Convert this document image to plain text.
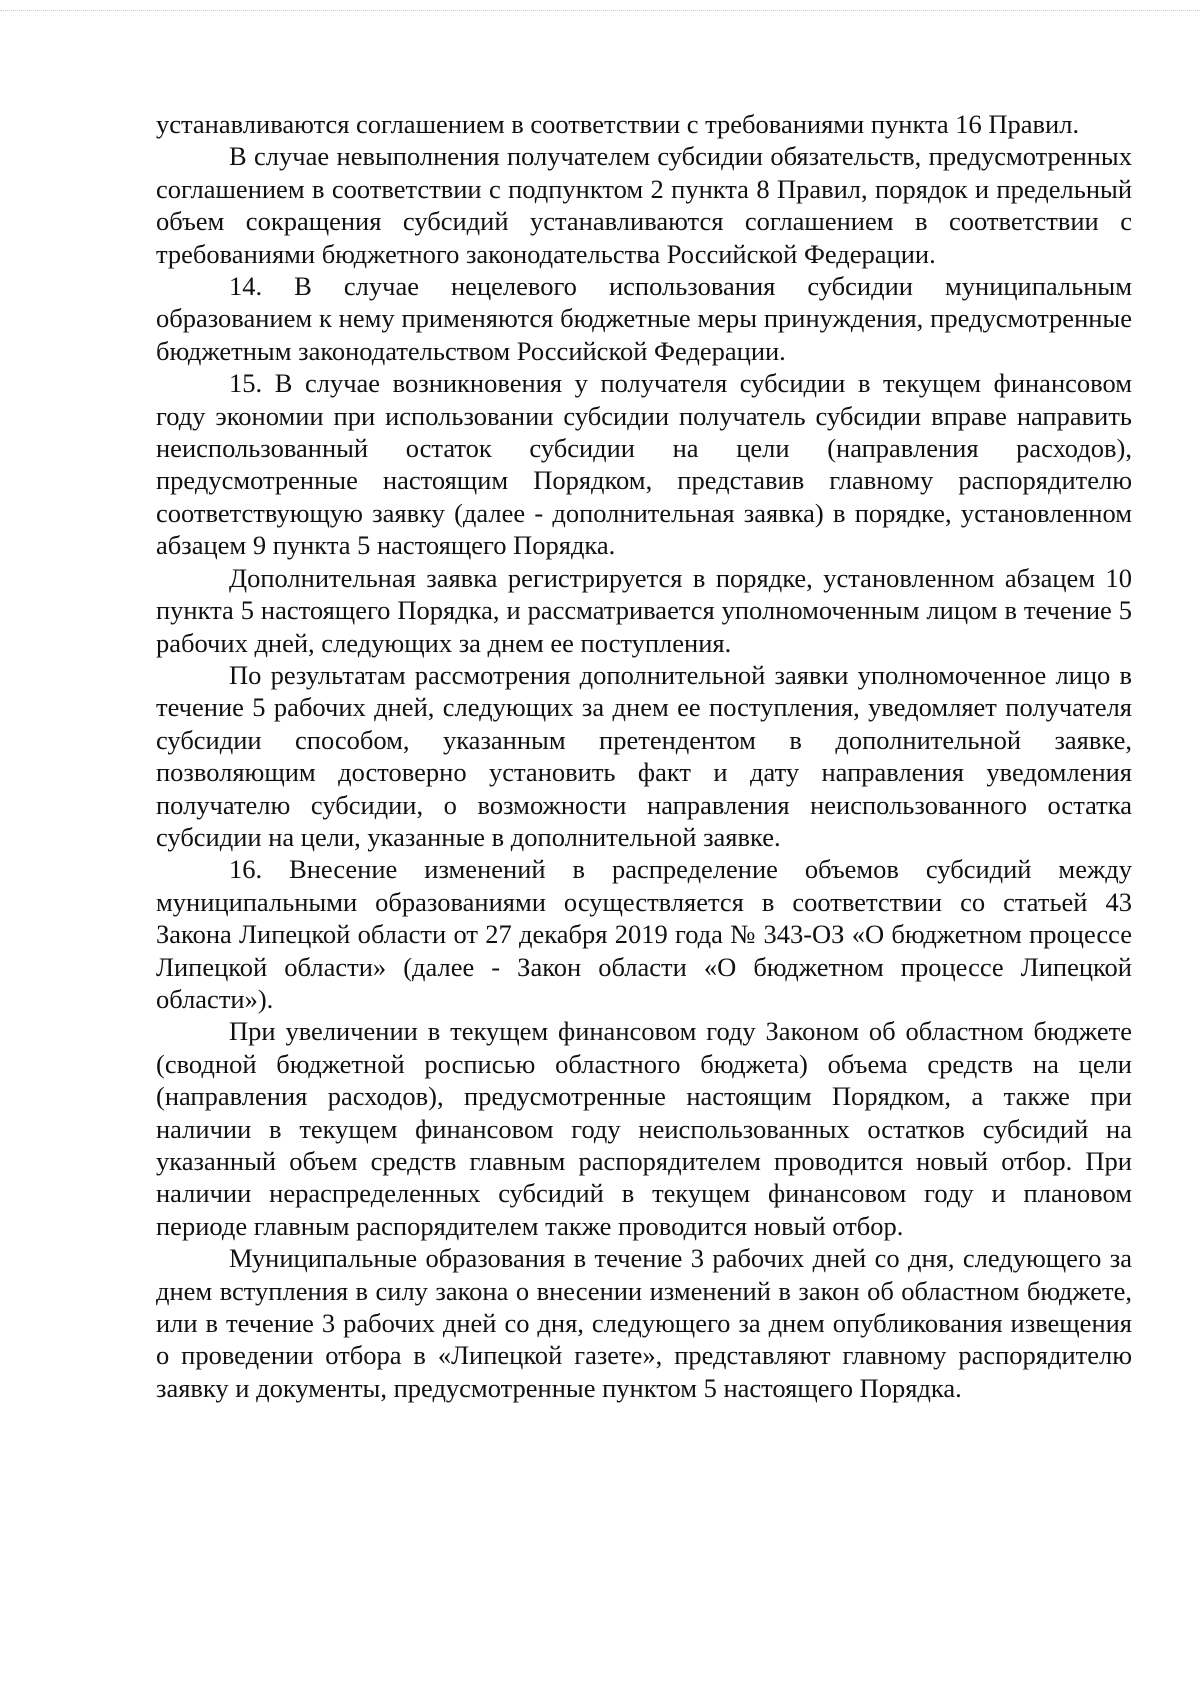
устанавливаются соглашением в соответствии с требованиями пункта 16 Правил.

В случае невыполнения получателем субсидии обязательств, предусмотренных соглашением в соответствии с подпунктом 2 пункта 8 Правил, порядок и предельный объем сокращения субсидий устанавливаются соглашением в соответствии с требованиями бюджетного законодательства Российской Федерации.

14. В случае нецелевого использования субсидии муниципальным образованием к нему применяются бюджетные меры принуждения, предусмотренные бюджетным законодательством Российской Федерации.

15. В случае возникновения у получателя субсидии в текущем финансовом году экономии при использовании субсидии получатель субсидии вправе направить неиспользованный остаток субсидии на цели (направления расходов), предусмотренные настоящим Порядком, представив главному распорядителю соответствующую заявку (далее - дополнительная заявка) в порядке, установленном абзацем 9 пункта 5 настоящего Порядка.

Дополнительная заявка регистрируется в порядке, установленном абзацем 10 пункта 5 настоящего Порядка, и рассматривается уполномоченным лицом в течение 5 рабочих дней, следующих за днем ее поступления.

По результатам рассмотрения дополнительной заявки уполномоченное лицо в течение 5 рабочих дней, следующих за днем ее поступления, уведомляет получателя субсидии способом, указанным претендентом в дополнительной заявке, позволяющим достоверно установить факт и дату направления уведомления получателю субсидии, о возможности направления неиспользованного остатка субсидии на цели, указанные в дополнительной заявке.

16. Внесение изменений в распределение объемов субсидий между муниципальными образованиями осуществляется в соответствии со статьей 43 Закона Липецкой области от 27 декабря 2019 года № 343-ОЗ «О бюджетном процессе Липецкой области» (далее - Закон области «О бюджетном процессе Липецкой области»).

При увеличении в текущем финансовом году Законом об областном бюджете (сводной бюджетной росписью областного бюджета) объема средств на цели (направления расходов), предусмотренные настоящим Порядком, а также при наличии в текущем финансовом году неиспользованных остатков субсидий на указанный объем средств главным распорядителем проводится новый отбор. При наличии нераспределенных субсидий в текущем финансовом году и плановом периоде главным распорядителем также проводится новый отбор.

Муниципальные образования в течение 3 рабочих дней со дня, следующего за днем вступления в силу закона о внесении изменений в закон об областном бюджете, или в течение 3 рабочих дней со дня, следующего за днем опубликования извещения о проведении отбора в «Липецкой газете», представляют главному распорядителю заявку и документы, предусмотренные пунктом 5 настоящего Порядка.
